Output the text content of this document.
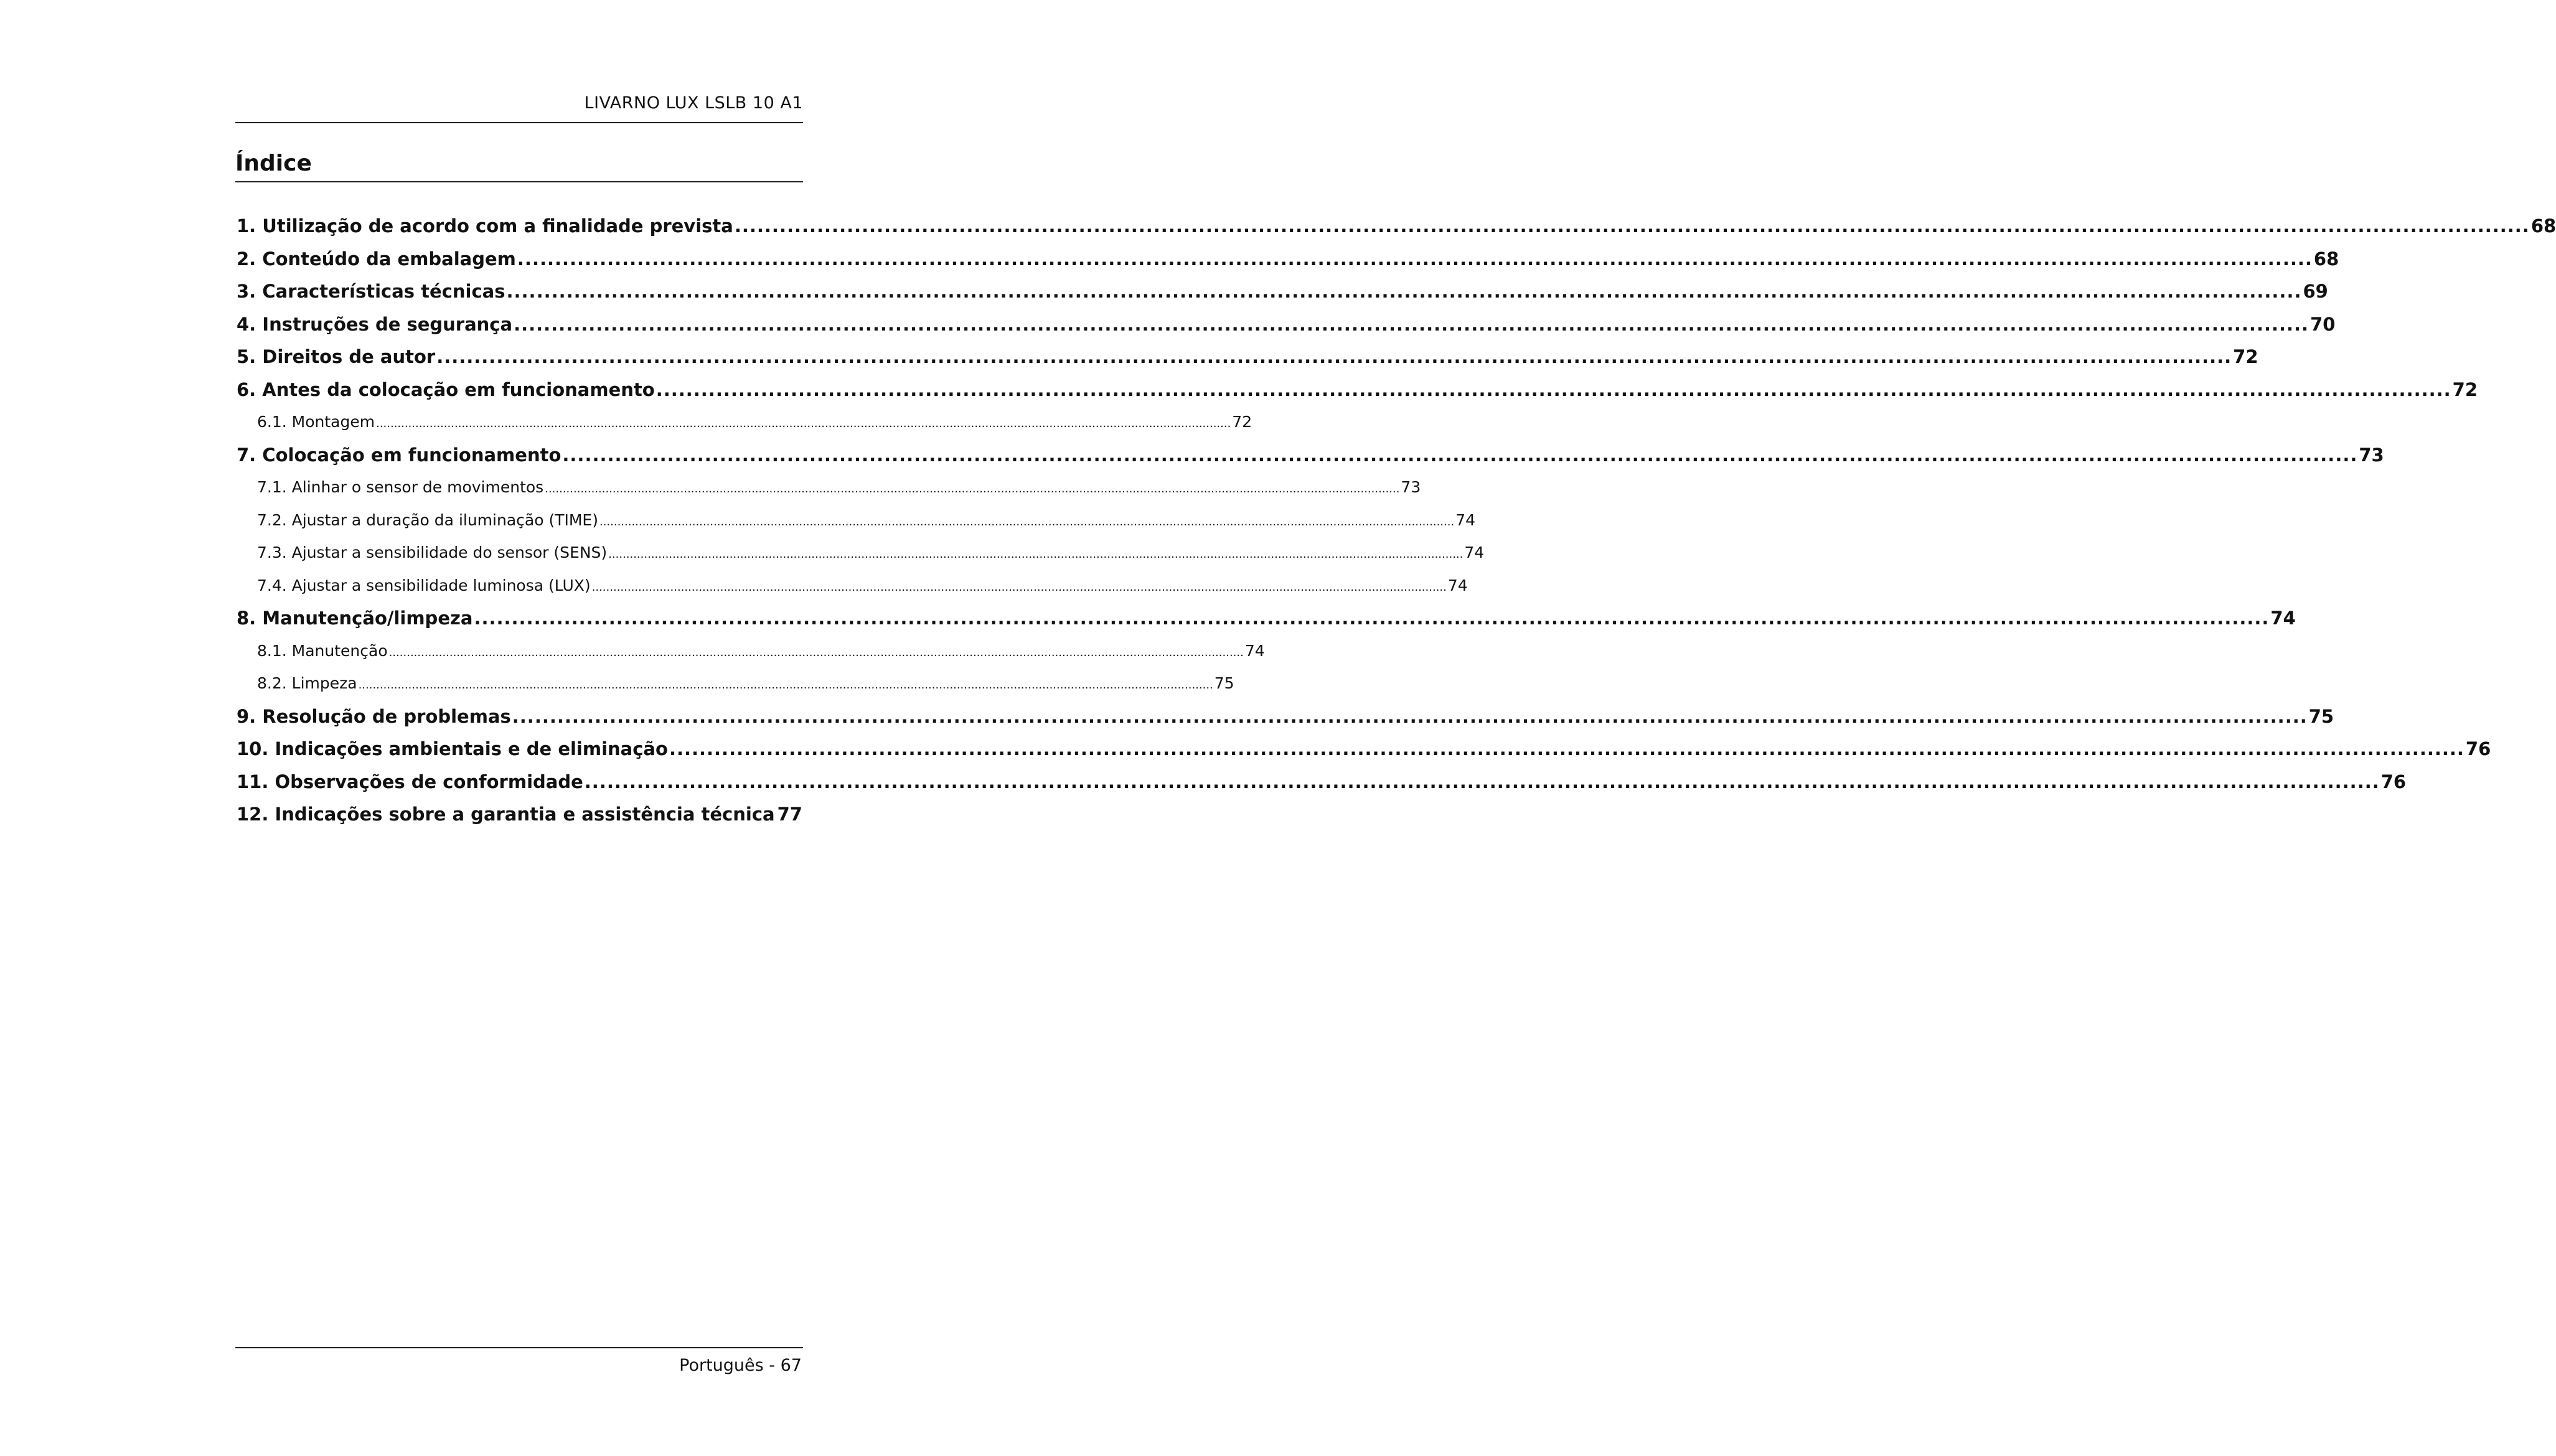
LIVARNO LUX LSLB 10 A1
Índice
1. Utilização de acordo com a finalidade prevista .....	68
2. Conteúdo da embalagem .....	68
3. Características técnicas .....	69
4. Instruções de segurança .....	70
5. Direitos de autor .....	72
6. Antes da colocação em funcionamento .....	72
6.1. Montagem .....	72
7. Colocação em funcionamento .....	73
7.1. Alinhar o sensor de movimentos .....	73
7.2. Ajustar a duração da iluminação (TIME) .....	74
7.3. Ajustar a sensibilidade do sensor (SENS) .....	74
7.4. Ajustar a sensibilidade luminosa (LUX) .....	74
8. Manutenção/limpeza .....	74
8.1. Manutenção .....	74
8.2. Limpeza .....	75
9. Resolução de problemas .....	75
10. Indicações ambientais e de eliminação .....	76
11. Observações de conformidade .....	76
12. Indicações sobre a garantia e assistência técnica 77
Português - 67
